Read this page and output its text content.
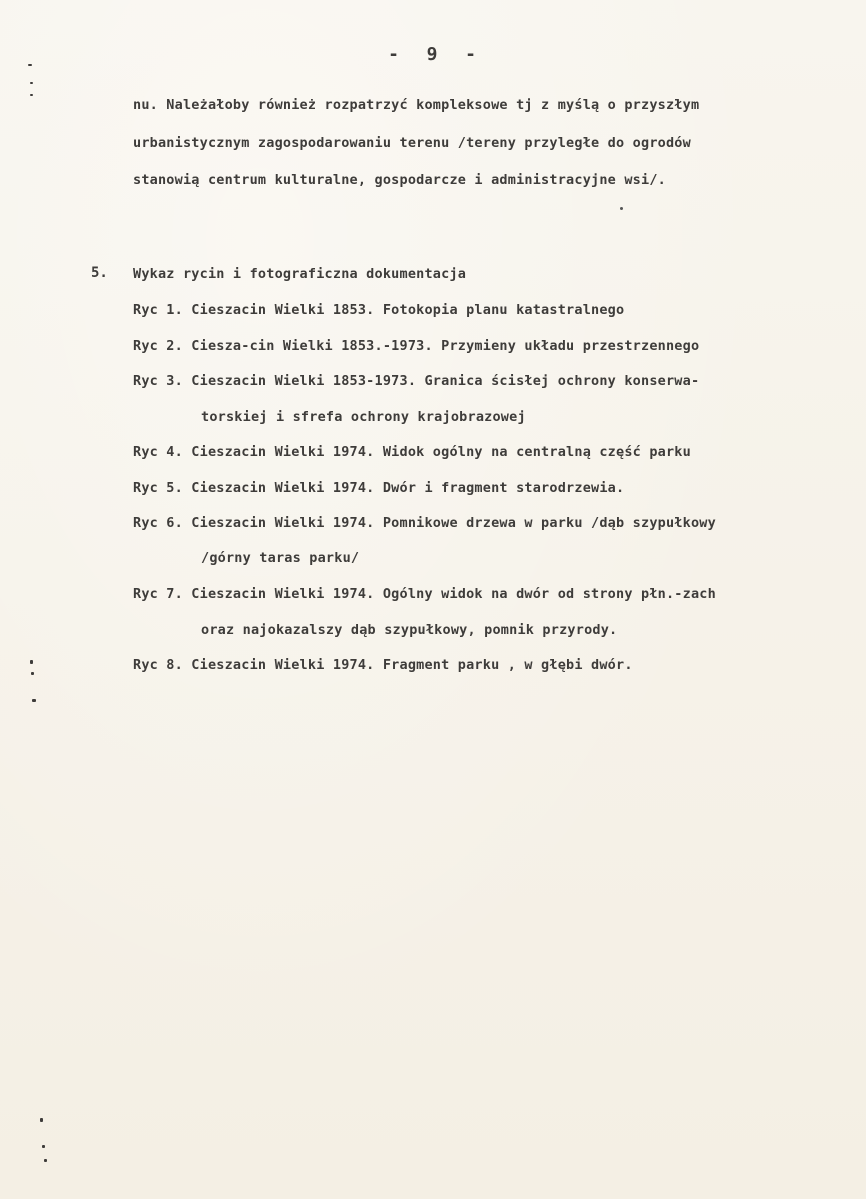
-  9  -
nu. Należałoby również rozpatrzyć kompleksowe tj z myślą o przyszłym
urbanistycznym zagospodarowaniu terenu /tereny przyległe do ogrodów
stanowią centrum kulturalne, gospodarcze i administracyjne wsi/.
5. Wykaz rycin i fotograficzna dokumentacja
Ryc 1. Cieszacin Wielki 1853. Fotokopia planu katastralnego
Ryc 2. Ciesza-cin Wielki 1853.-1973. Przymieny układu przestrzennego
Ryc 3. Cieszacin Wielki 1853-1973. Granica ścisłej ochrony konserwa-
torskiej i sfrefa ochrony krajobrazowej
Ryc 4. Cieszacin Wielki 1974. Widok ogólny na centralną część parku
Ryc 5. Cieszacin Wielki 1974. Dwór i fragment starodrzewia.
Ryc 6. Cieszacin Wielki 1974. Pomnikowe drzewa w parku /dąb szypułkowy
/górny taras parku/
Ryc 7. Cieszacin Wielki 1974. Ogólny widok na dwór od strony płn.-zach
oraz najokazalszy dąb szypułkowy, pomnik przyrody.
Ryc 8. Cieszacin Wielki 1974. Fragment parku , w głębi dwór.
